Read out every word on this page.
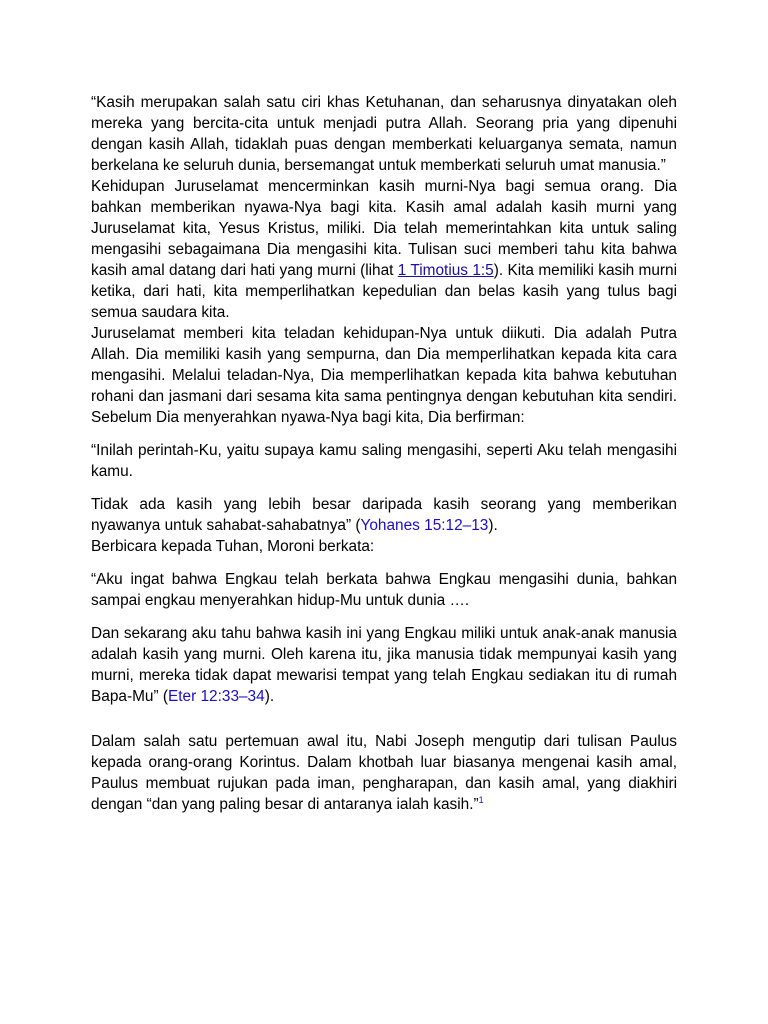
“Kasih merupakan salah satu ciri khas Ketuhanan, dan seharusnya dinyatakan oleh mereka yang bercita-cita untuk menjadi putra Allah. Seorang pria yang dipenuhi dengan kasih Allah, tidaklah puas dengan memberkati keluarganya semata, namun berkelana ke seluruh dunia, bersemangat untuk memberkati seluruh umat manusia.”

Kehidupan Juruselamat mencerminkan kasih murni-Nya bagi semua orang. Dia bahkan memberikan nyawa-Nya bagi kita. Kasih amal adalah kasih murni yang Juruselamat kita, Yesus Kristus, miliki. Dia telah memerintahkan kita untuk saling mengasihi sebagaimana Dia mengasihi kita. Tulisan suci memberi tahu kita bahwa kasih amal datang dari hati yang murni (lihat 1 Timotius 1:5). Kita memiliki kasih murni ketika, dari hati, kita memperlihatkan kepedulian dan belas kasih yang tulus bagi semua saudara kita.

Juruselamat memberi kita teladan kehidupan-Nya untuk diikuti. Dia adalah Putra Allah. Dia memiliki kasih yang sempurna, dan Dia memperlihatkan kepada kita cara mengasihi. Melalui teladan-Nya, Dia memperlihatkan kepada kita bahwa kebutuhan rohani dan jasmani dari sesama kita sama pentingnya dengan kebutuhan kita sendiri. Sebelum Dia menyerahkan nyawa-Nya bagi kita, Dia berfirman:

“Inilah perintah-Ku, yaitu supaya kamu saling mengasihi, seperti Aku telah mengasihi kamu.

Tidak ada kasih yang lebih besar daripada kasih seorang yang memberikan nyawanya untuk sahabat-sahabatnya” (Yohanes 15:12–13).
Berbicara kepada Tuhan, Moroni berkata:

“Aku ingat bahwa Engkau telah berkata bahwa Engkau mengasihi dunia, bahkan sampai engkau menyerahkan hidup-Mu untuk dunia ….

Dan sekarang aku tahu bahwa kasih ini yang Engkau miliki untuk anak-anak manusia adalah kasih yang murni. Oleh karena itu, jika manusia tidak mempunyai kasih yang murni, mereka tidak dapat mewarisi tempat yang telah Engkau sediakan itu di rumah Bapa-Mu” (Eter 12:33–34).

Dalam salah satu pertemuan awal itu, Nabi Joseph mengutip dari tulisan Paulus kepada orang-orang Korintus. Dalam khotbah luar biasanya mengenai kasih amal, Paulus membuat rujukan pada iman, pengharapan, dan kasih amal, yang diakhiri dengan “dan yang paling besar di antaranya ialah kasih.”$^1$
